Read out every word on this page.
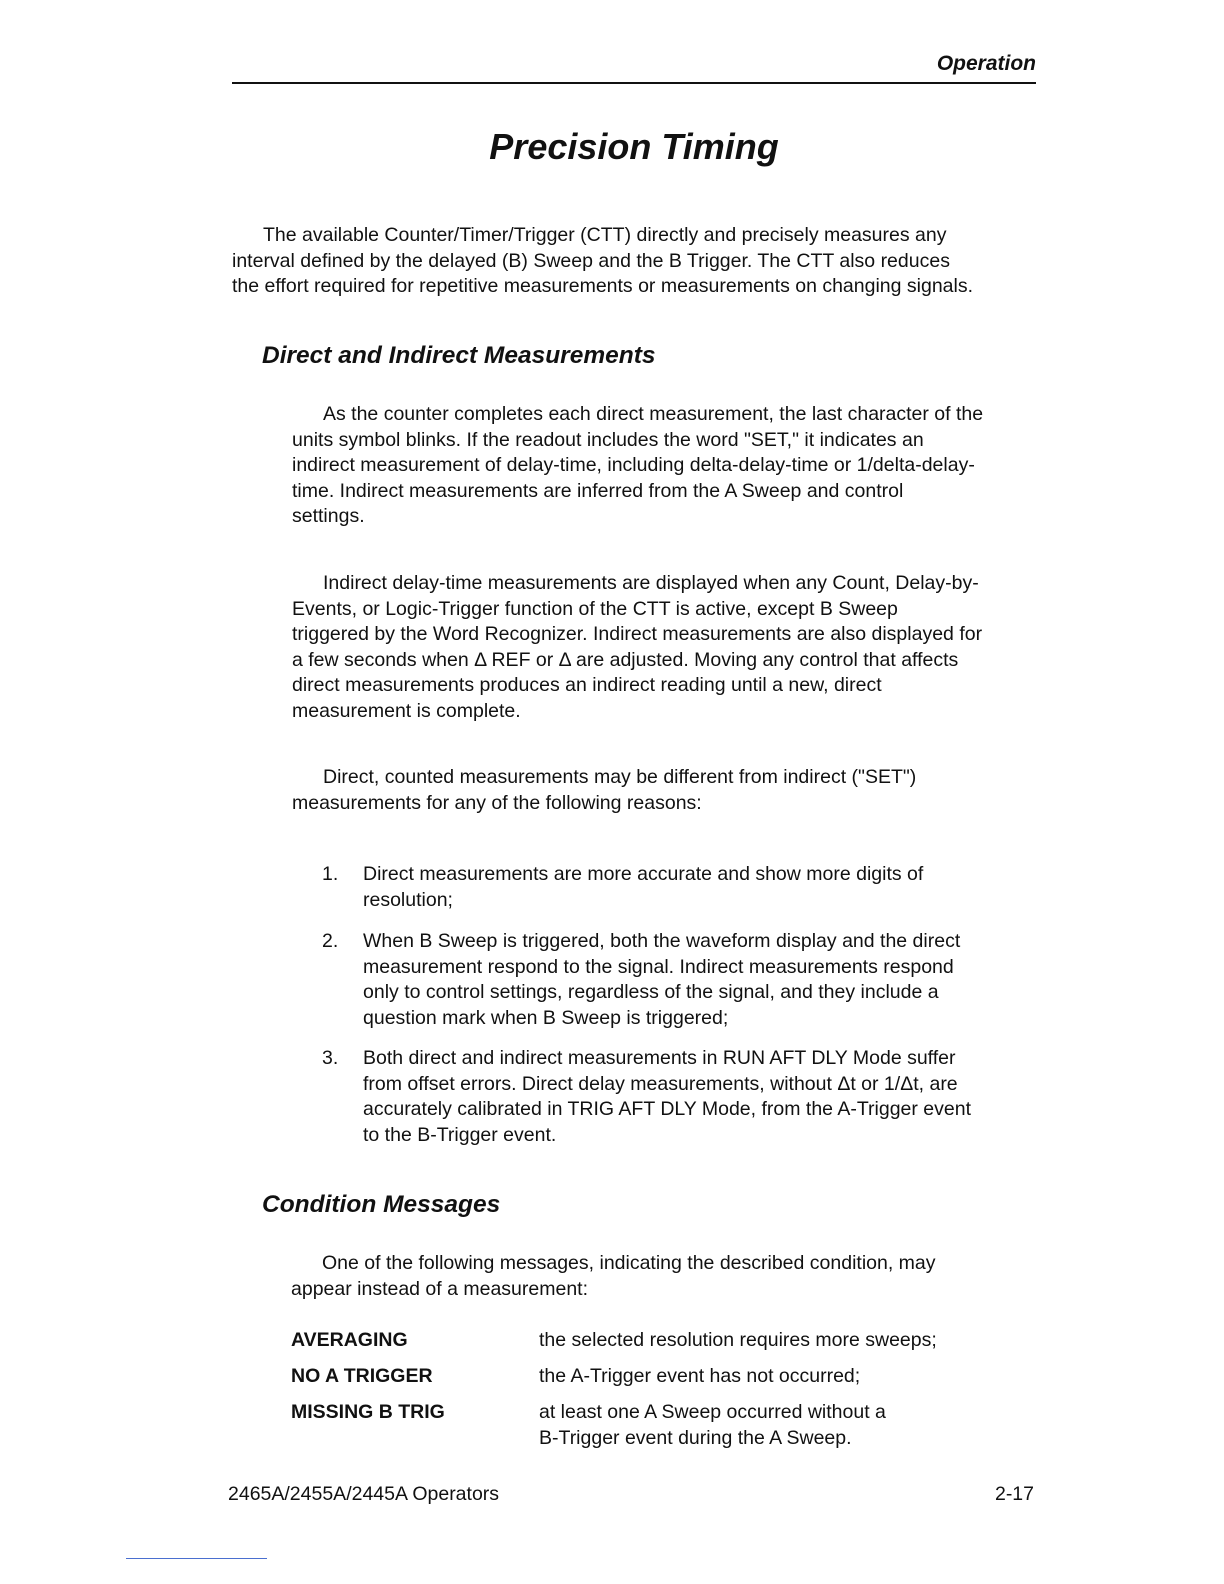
Operation
Precision Timing
The available Counter/Timer/Trigger (CTT) directly and precisely measures any
interval defined by the delayed (B) Sweep and the B Trigger. The CTT also reduces
the effort required for repetitive measurements or measurements on changing signals.
Direct and Indirect Measurements
As the counter completes each direct measurement, the last character of the
units symbol blinks. If the readout includes the word "SET," it indicates an
indirect measurement of delay-time, including delta-delay-time or 1/delta-delay-
time. Indirect measurements are inferred from the A Sweep and control
settings.
Indirect delay-time measurements are displayed when any Count, Delay-by-
Events, or Logic-Trigger function of the CTT is active, except B Sweep
triggered by the Word Recognizer. Indirect measurements are also displayed for
a few seconds when Δ REF or Δ are adjusted. Moving any control that affects
direct measurements produces an indirect reading until a new, direct
measurement is complete.
Direct, counted measurements may be different from indirect ("SET")
measurements for any of the following reasons:
1. Direct measurements are more accurate and show more digits of
resolution;
2. When B Sweep is triggered, both the waveform display and the direct
measurement respond to the signal. Indirect measurements respond
only to control settings, regardless of the signal, and they include a
question mark when B Sweep is triggered;
3. Both direct and indirect measurements in RUN AFT DLY Mode suffer
from offset errors. Direct delay measurements, without Δt or 1/Δt, are
accurately calibrated in TRIG AFT DLY Mode, from the A-Trigger event
to the B-Trigger event.
Condition Messages
One of the following messages, indicating the described condition, may
appear instead of a measurement:
AVERAGING	the selected resolution requires more sweeps;
NO A TRIGGER	the A-Trigger event has not occurred;
MISSING B TRIG	at least one A Sweep occurred without a
B-Trigger event during the A Sweep.
2465A/2455A/2445A Operators	2-17
